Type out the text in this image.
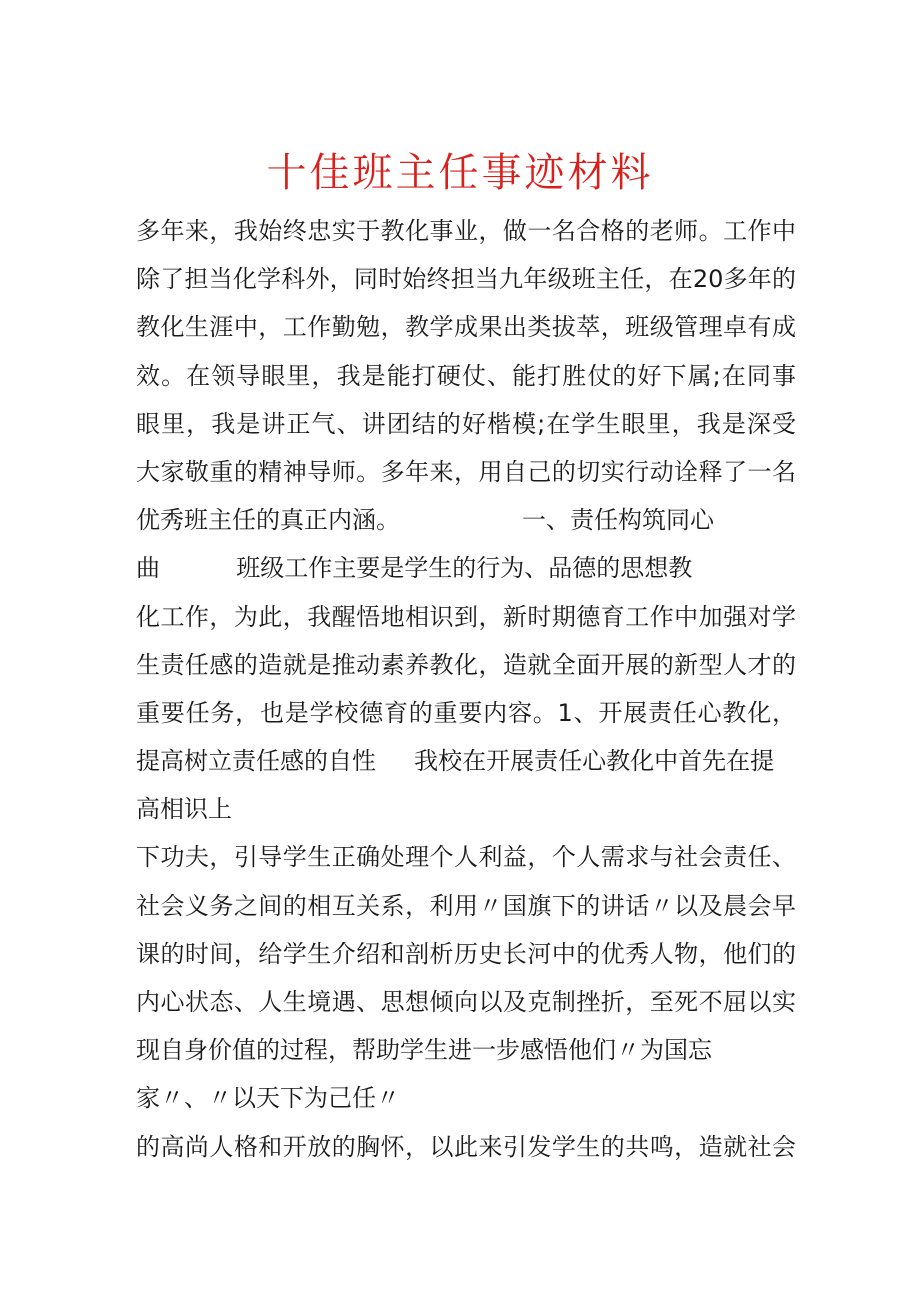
十佳班主任事迹材料
多年来，我始终忠实于教化事业，做一名合格的老师。工作中
除了担当化学科外，同时始终担当九年级班主任，在20多年的
教化生涯中，工作勤勉，教学成果出类拔萃，班级管理卓有成
效。在领导眼里，我是能打硬仗、能打胜仗的好下属;在同事
眼里，我是讲正气、讲团结的好楷模;在学生眼里，我是深受
大家敬重的精神导师。多年来，用自己的切实行动诠释了一名
优秀班主任的真正内涵。                一、责任构筑同心
曲          班级工作主要是学生的行为、品德的思想教
化工作，为此，我醒悟地相识到，新时期德育工作中加强对学
生责任感的造就是推动素养教化，造就全面开展的新型人才的
重要任务，也是学校德育的重要内容。1、开展责任心教化，
提高树立责任感的自性     我校在开展责任心教化中首先在提
高相识上
下功夫，引导学生正确处理个人利益，个人需求与社会责任、
社会义务之间的相互关系，利用〃国旗下的讲话〃以及晨会早
课的时间，给学生介绍和剖析历史长河中的优秀人物，他们的
内心状态、人生境遇、思想倾向以及克制挫折，至死不屈以实
现自身价值的过程，帮助学生进一步感悟他们〃为国忘
家〃、〃以天下为己任〃
的高尚人格和开放的胸怀，以此来引发学生的共鸣，造就社会
